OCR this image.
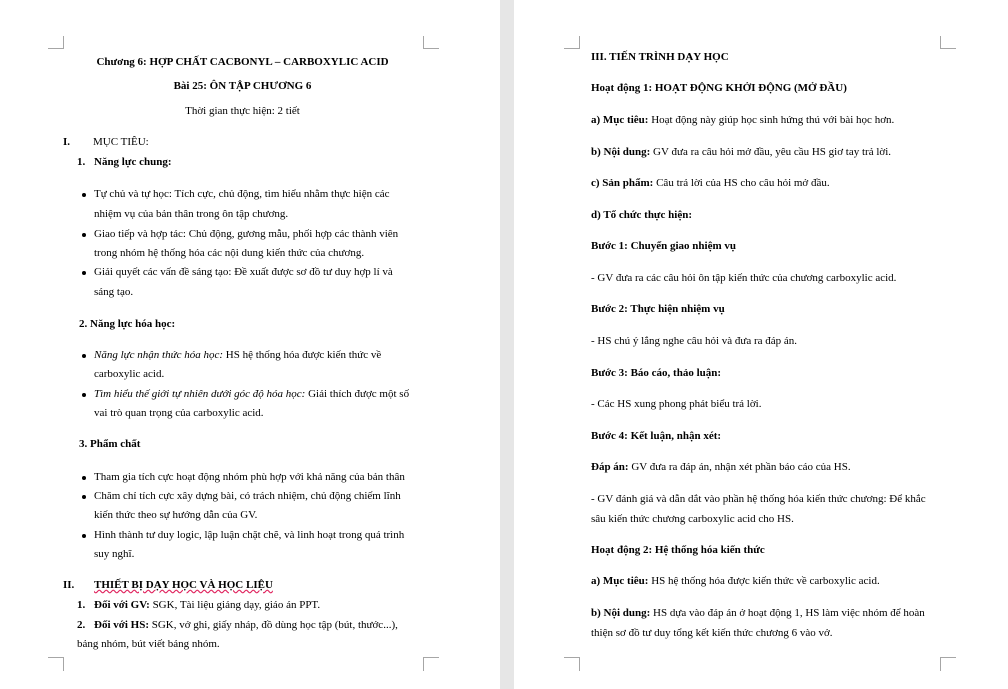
Chương 6: HỢP CHẤT CACBONYL – CARBOXYLIC ACID
Bài 25: ÔN TẬP CHƯƠNG 6
Thời gian thực hiện: 2 tiết
I. MỤC TIÊU:
1. Năng lực chung:
Tự chủ và tự học: Tích cực, chủ động, tìm hiểu nhằm thực hiện các
nhiệm vụ của bản thân trong ôn tập chương.
Giao tiếp và hợp tác: Chủ động, gương mẫu, phối hợp các thành viên
trong nhóm hệ thống hóa các nội dung kiến thức của chương.
Giải quyết các vấn đề sáng tạo: Đề xuất được sơ đồ tư duy hợp lí và
sáng tạo.
2. Năng lực hóa học:
Năng lực nhận thức hóa học: HS hệ thống hóa được kiến thức về
carboxylic acid.
Tìm hiểu thế giới tự nhiên dưới góc độ hóa học: Giải thích được một số
vai trò quan trọng của carboxylic acid.
3. Phẩm chất
Tham gia tích cực hoạt động nhóm phù hợp với khả năng của bản thân
Chăm chỉ tích cực xây dựng bài, có trách nhiệm, chủ động chiếm lĩnh
kiến thức theo sự hướng dẫn của GV.
Hình thành tư duy logic, lập luận chặt chẽ, và linh hoạt trong quá trình
suy nghĩ.
II. THIẾT BỊ DẠY HỌC VÀ HỌC LIỆU
1. Đối với GV: SGK, Tài liệu giảng dạy, giáo án PPT.
2. Đối với HS: SGK, vở ghi, giấy nháp, đồ dùng học tập (bút, thước...),
bảng nhóm, bút viết bảng nhóm.
III. TIẾN TRÌNH DẠY HỌC
Hoạt động 1: HOẠT ĐỘNG KHỞI ĐỘNG (MỞ ĐẦU)
a) Mục tiêu: Hoạt động này giúp học sinh hứng thú với bài học hơn.
b) Nội dung: GV đưa ra câu hỏi mở đầu, yêu cầu HS giơ tay trả lời.
c) Sản phẩm: Câu trả lời của HS cho câu hỏi mở đầu.
d) Tổ chức thực hiện:
Bước 1: Chuyển giao nhiệm vụ
- GV đưa ra các câu hỏi ôn tập kiến thức của chương carboxylic acid.
Bước 2: Thực hiện nhiệm vụ
- HS chú ý lắng nghe câu hỏi và đưa ra đáp án.
Bước 3: Báo cáo, thảo luận:
- Các HS xung phong phát biểu trả lời.
Bước 4: Kết luận, nhận xét:
Đáp án: GV đưa ra đáp án, nhận xét phần báo cáo của HS.
- GV đánh giá và dẫn dắt vào phần hệ thống hóa kiến thức chương: Để khắc
sâu kiến thức chương carboxylic acid cho HS.
Hoạt động 2: Hệ thống hóa kiến thức
a) Mục tiêu: HS hệ thống hóa được kiến thức về carboxylic acid.
b) Nội dung: HS dựa vào đáp án ở hoạt động 1, HS làm việc nhóm để hoàn
thiện sơ đồ tư duy tổng kết kiến thức chương 6 vào vở.
